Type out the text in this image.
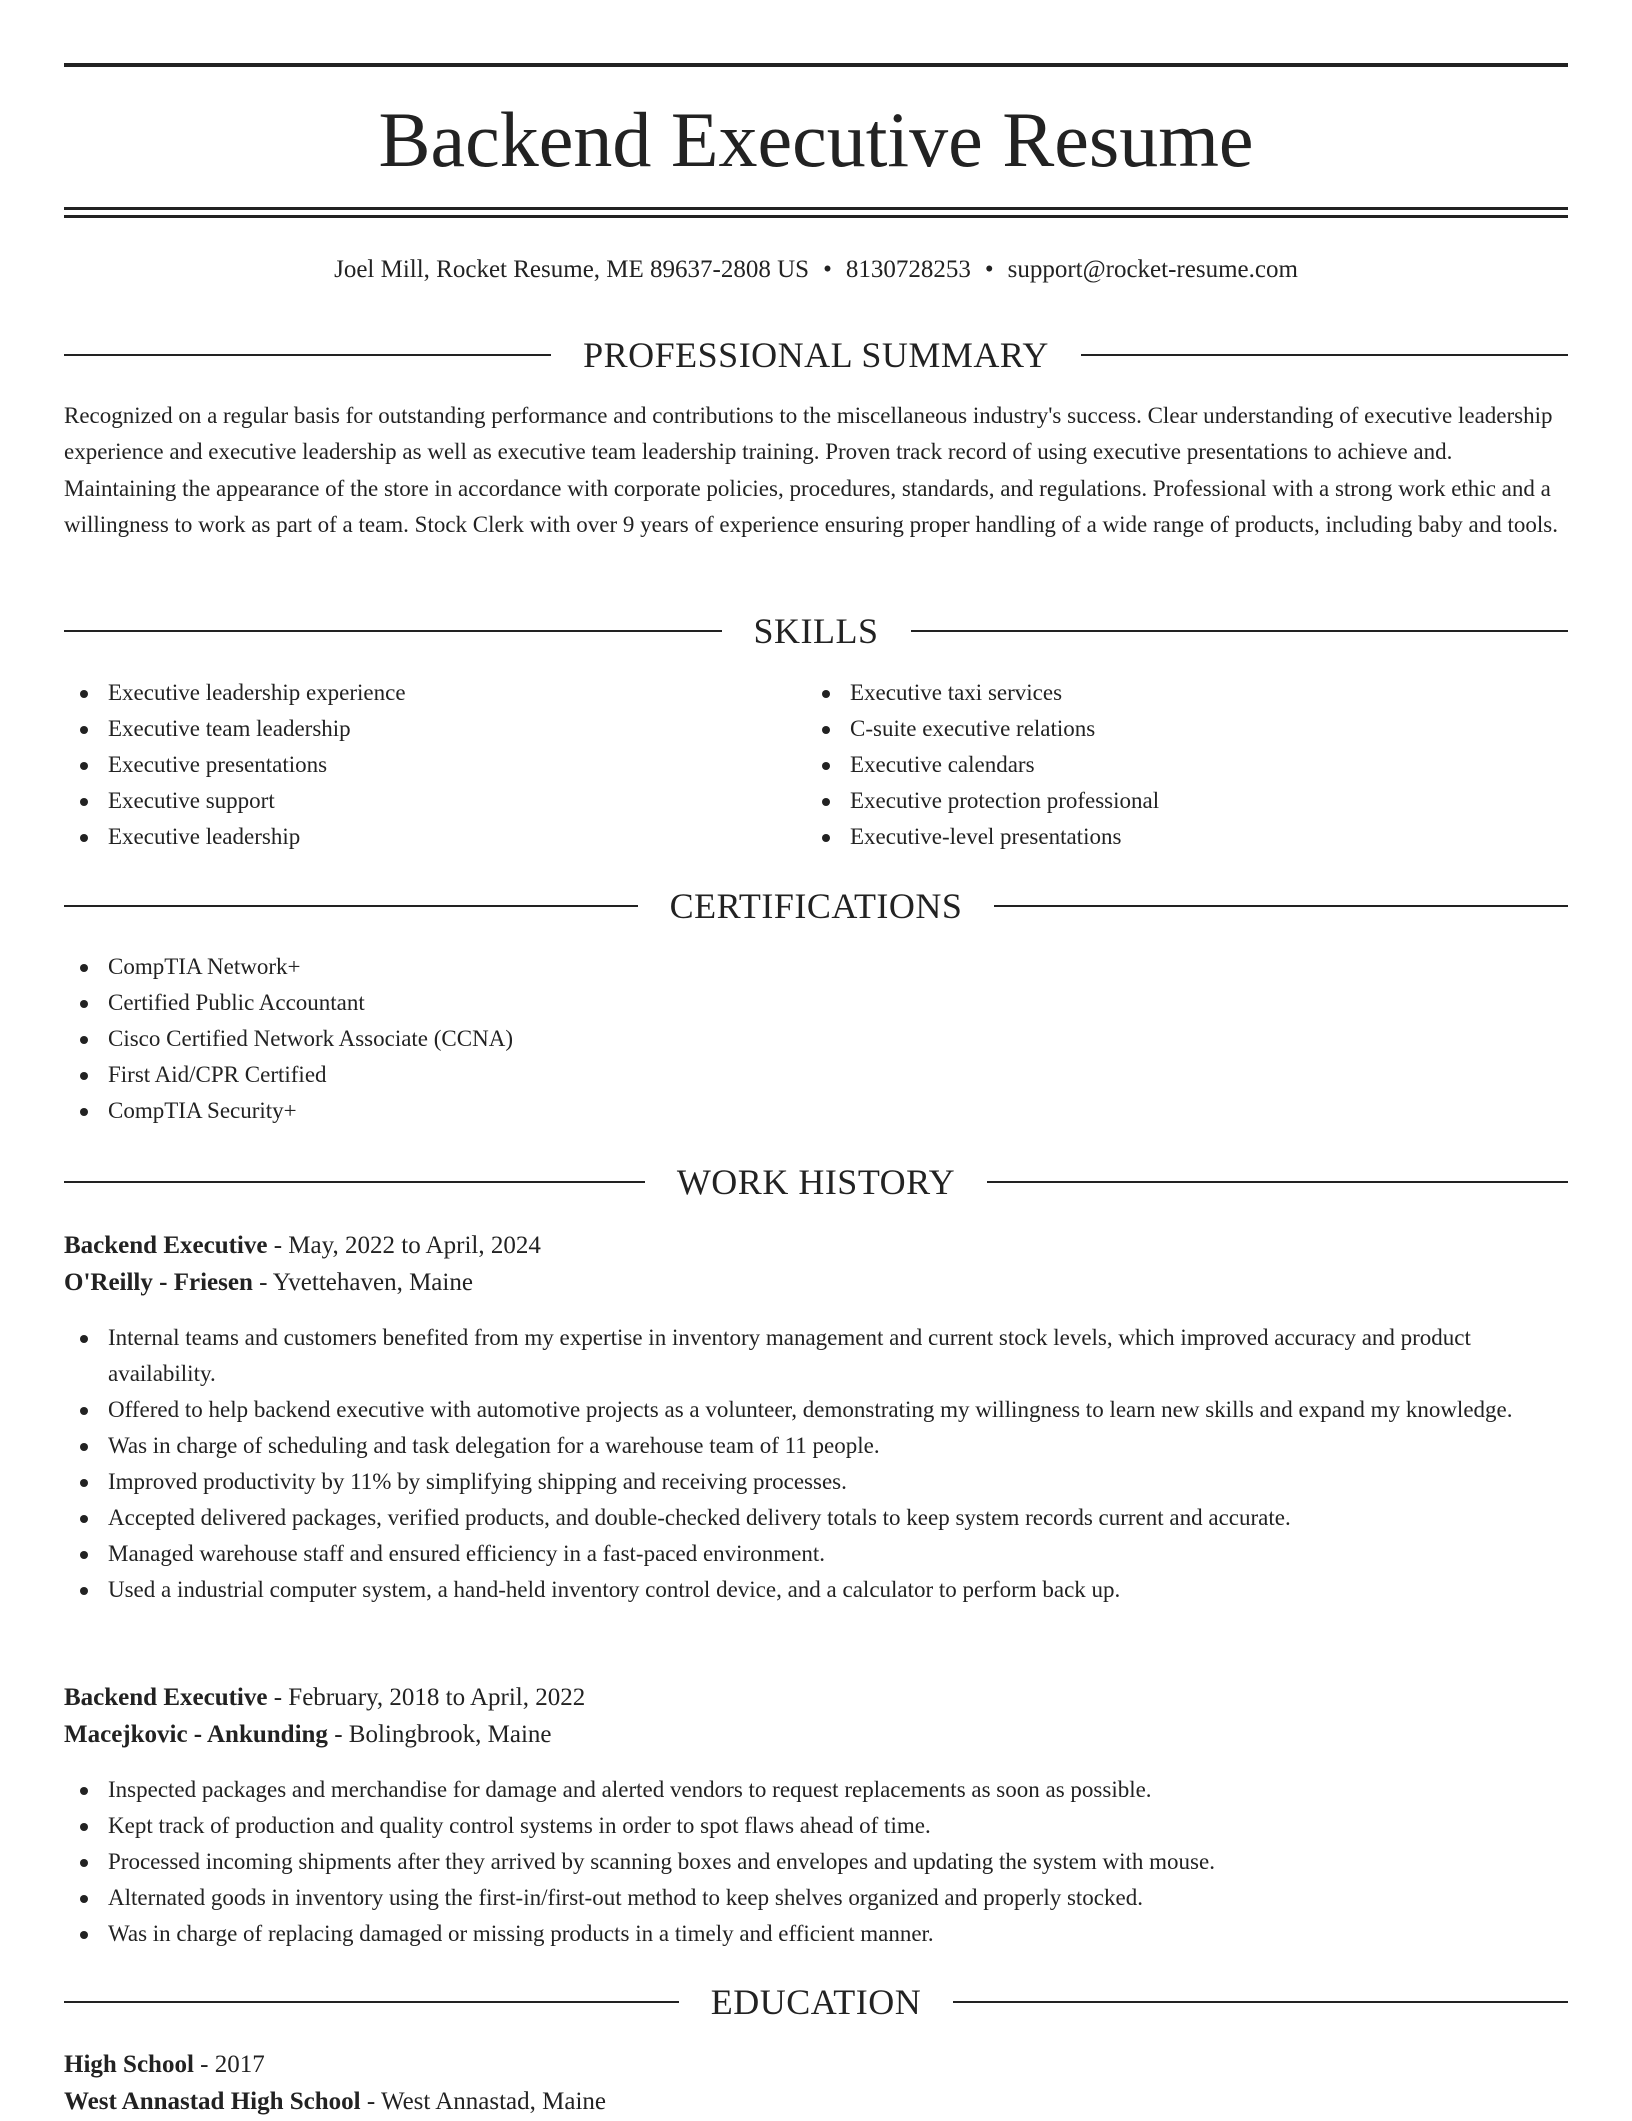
Backend Executive Resume
Joel Mill, Rocket Resume, ME 89637-2808 US • 8130728253 • support@rocket-resume.com
PROFESSIONAL SUMMARY

Recognized on a regular basis for outstanding performance and contributions to the miscellaneous industry's success. Clear understanding of executive leadership experience and executive leadership as well as executive team leadership training. Proven track record of using executive presentations to achieve and. Maintaining the appearance of the store in accordance with corporate policies, procedures, standards, and regulations. Professional with a strong work ethic and a willingness to work as part of a team. Stock Clerk with over 9 years of experience ensuring proper handling of a wide range of products, including baby and tools.

SKILLS
Executive leadership experience
Executive team leadership
Executive presentations
Executive support
Executive leadership
Executive taxi services
C-suite executive relations
Executive calendars
Executive protection professional
Executive-level presentations
CERTIFICATIONS
CompTIA Network+
Certified Public Accountant
Cisco Certified Network Associate (CCNA)
First Aid/CPR Certified
CompTIA Security+
WORK HISTORY
Backend Executive - May, 2022 to April, 2024
O'Reilly - Friesen - Yvettehaven, Maine
Internal teams and customers benefited from my expertise in inventory management and current stock levels, which improved accuracy and product availability.
Offered to help backend executive with automotive projects as a volunteer, demonstrating my willingness to learn new skills and expand my knowledge.
Was in charge of scheduling and task delegation for a warehouse team of 11 people.
Improved productivity by 11% by simplifying shipping and receiving processes.
Accepted delivered packages, verified products, and double-checked delivery totals to keep system records current and accurate.
Managed warehouse staff and ensured efficiency in a fast-paced environment.
Used a industrial computer system, a hand-held inventory control device, and a calculator to perform back up.
Backend Executive - February, 2018 to April, 2022
Macejkovic - Ankunding - Bolingbrook, Maine
Inspected packages and merchandise for damage and alerted vendors to request replacements as soon as possible.
Kept track of production and quality control systems in order to spot flaws ahead of time.
Processed incoming shipments after they arrived by scanning boxes and envelopes and updating the system with mouse.
Alternated goods in inventory using the first-in/first-out method to keep shelves organized and properly stocked.
Was in charge of replacing damaged or missing products in a timely and efficient manner.
EDUCATION
High School - 2017
West Annastad High School - West Annastad, Maine
